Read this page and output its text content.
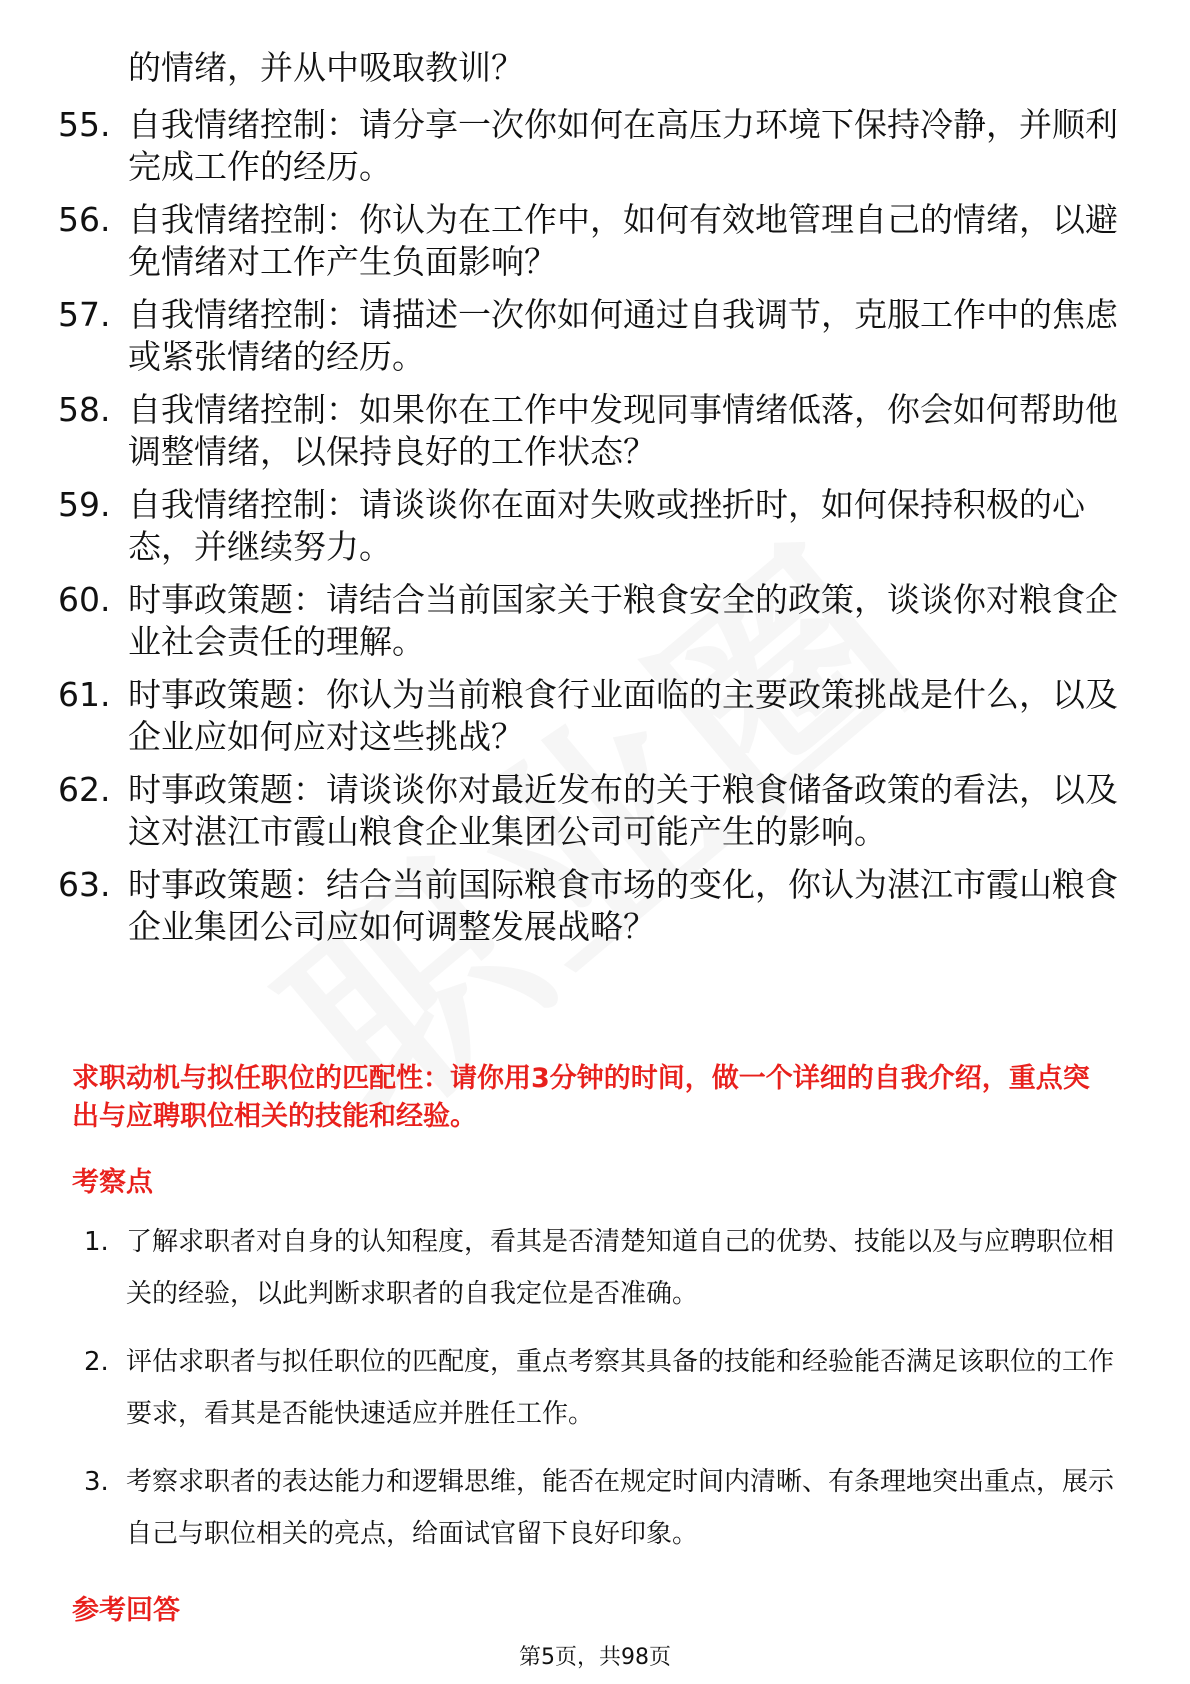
的情绪，并从中吸取教训？
55. 自我情绪控制：请分享一次你如何在高压力环境下保持冷静，并顺利完成工作的经历。
56. 自我情绪控制：你认为在工作中，如何有效地管理自己的情绪，以避免情绪对工作产生负面影响？
57. 自我情绪控制：请描述一次你如何通过自我调节，克服工作中的焦虑或紧张情绪的经历。
58. 自我情绪控制：如果你在工作中发现同事情绪低落，你会如何帮助他调整情绪，以保持良好的工作状态？
59. 自我情绪控制：请谈谈你在面对失败或挫折时，如何保持积极的心态，并继续努力。
60. 时事政策题：请结合当前国家关于粮食安全的政策，谈谈你对粮食企业社会责任的理解。
61. 时事政策题：你认为当前粮食行业面临的主要政策挑战是什么，以及企业应如何应对这些挑战？
62. 时事政策题：请谈谈你对最近发布的关于粮食储备政策的看法，以及这对湛江市霞山粮食企业集团公司可能产生的影响。
63. 时事政策题：结合当前国际粮食市场的变化，你认为湛江市霞山粮食企业集团公司应如何调整发展战略？
求职动机与拟任职位的匹配性：请你用3分钟的时间，做一个详细的自我介绍，重点突出与应聘职位相关的技能和经验。
考察点
1. 了解求职者对自身的认知程度，看其是否清楚知道自己的优势、技能以及与应聘职位相关的经验，以此判断求职者的自我定位是否准确。
2. 评估求职者与拟任职位的匹配度，重点考察其具备的技能和经验能否满足该职位的工作要求，看其是否能快速适应并胜任工作。
3. 考察求职者的表达能力和逻辑思维，能否在规定时间内清晰、有条理地突出重点，展示自己与职位相关的亮点，给面试官留下良好印象。
参考回答
第5页，共98页
